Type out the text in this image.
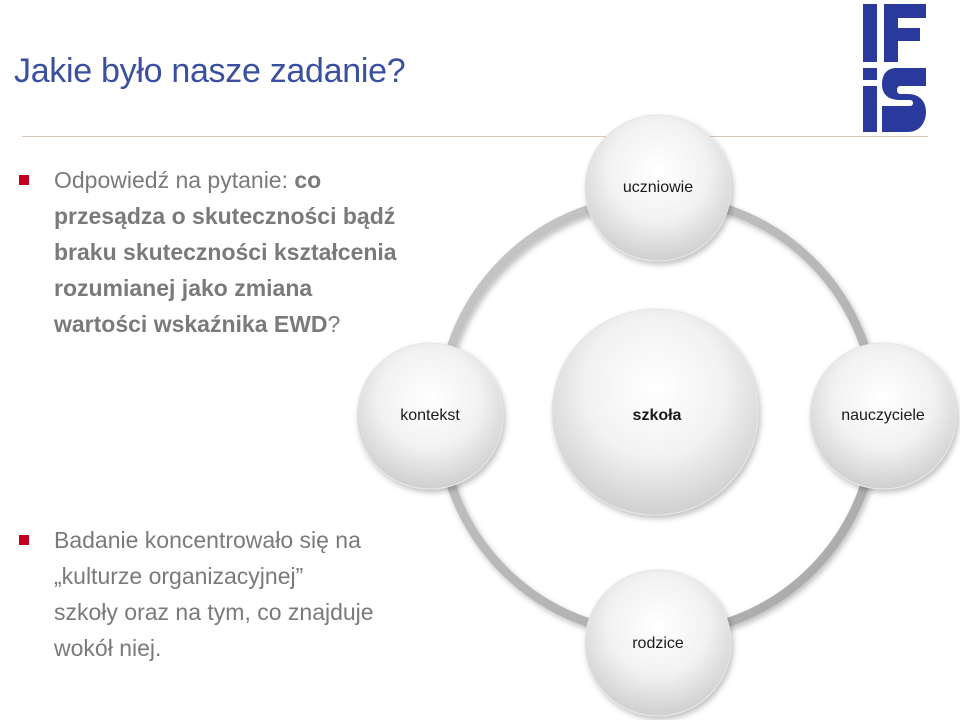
Jakie było nasze zadanie?
Odpowiedź na pytanie: co
przesądza o skuteczności bądź
braku skuteczności kształcenia
rozumianej jako zmiana
wartości wskaźnika EWD?
Badanie koncentrowało się na
„kulturze organizacyjnej”
szkoły oraz na tym, co znajduje
wokół niej.
szkoła
uczniowie
kontekst	nauczyciele
rodzice
